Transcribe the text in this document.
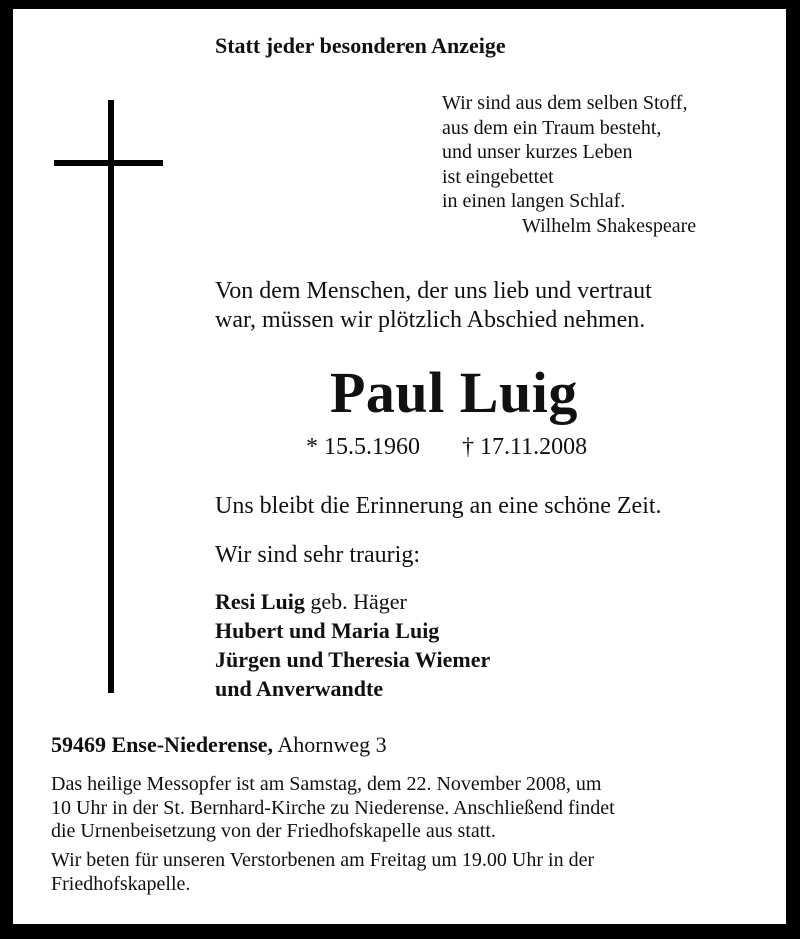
Statt jeder besonderen Anzeige
Wir sind aus dem selben Stoff,
aus dem ein Traum besteht,
und unser kurzes Leben
ist eingebettet
in einen langen Schlaf.
Wilhelm Shakespeare
Von dem Menschen, der uns lieb und vertraut
war, müssen wir plötzlich Abschied nehmen.
Paul Luig
* 15.5.1960 † 17.11.2008
Uns bleibt die Erinnerung an eine schöne Zeit.
Wir sind sehr traurig:
Resi Luig geb. Häger
Hubert und Maria Luig
Jürgen und Theresia Wiemer
und Anverwandte
59469 Ense-Niederense, Ahornweg 3
Das heilige Messopfer ist am Samstag, dem 22. November 2008, um
10 Uhr in der St. Bernhard-Kirche zu Niederense. Anschließend findet
die Urnenbeisetzung von der Friedhofskapelle aus statt.
Wir beten für unseren Verstorbenen am Freitag um 19.00 Uhr in der
Friedhofskapelle.
